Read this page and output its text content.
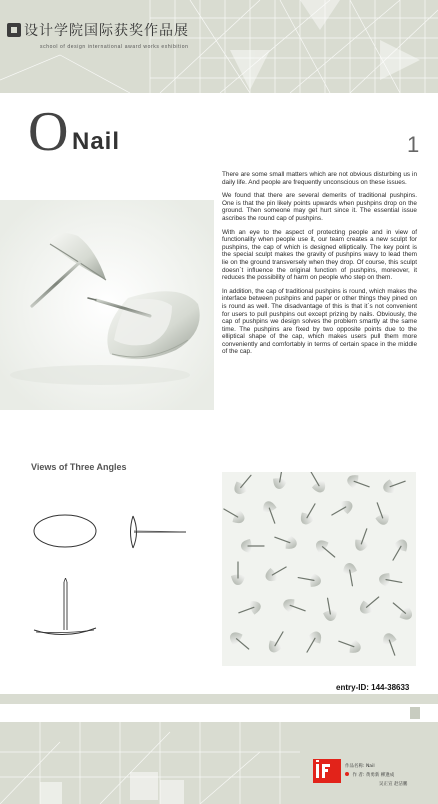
设计学院国际获奖作品展
school of design international award works exhibition
O Nail	1

There are some small matters which are not obvious disturbing us in daily life. And people are frequently unconscious on these issues.

We found that there are several demerits of traditional pushpins. One is that the pin likely points upwards when pushpins drop on the ground. Then someone may get hurt since it. The essential issue ascribes the round cap of pushpins.

With an eye to the aspect of protecting people and in view of functionality when people use it, our team creates a new sculpt for pushpins, the cap of which is designed elliptically. The key point is the special sculpt makes the gravity of pushpins wavy to lead them lie on the ground transversely when they drop. Of course, this sculpt doesn`t influence the original function of pushpins, moreover, it reduces the possibility of harm on people who step on them.

In addition, the cap of traditional pushpins is round, which makes the interface between pushpins and paper or other things they pined on is round as well. The disadvantage of this is that it`s not convenient for users to pull pushpins out except prizing by nails. Obviously, the cap of pushpins we design solves the problem smartly at the same time. The pushpins are fixed by two opposite points due to the elliptical shape of the cap, which makes users pull them more conveniently and comfortably in terms of certain space in the middle of the cap.

Views of Three Angles
entry-ID: 144-38633
作品名称: Nail
作 者: 黄勇新 柳逢成
吴正宣 赵洁鹏
